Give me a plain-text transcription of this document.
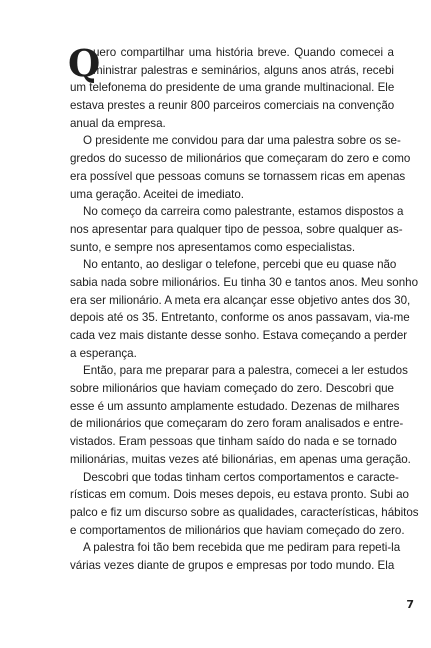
Q
uero compartilhar uma história breve. Quando comecei a
ministrar palestras e seminários, alguns anos atrás, recebi
um telefonema do presidente de uma grande multinacional. Ele
estava prestes a reunir 800 parceiros comerciais na convenção
anual da empresa.
O presidente me convidou para dar uma palestra sobre os se-
gredos do sucesso de milionários que começaram do zero e como
era possível que pessoas comuns se tornassem ricas em apenas
uma geração. Aceitei de imediato.
No começo da carreira como palestrante, estamos dispostos a
nos apresentar para qualquer tipo de pessoa, sobre qualquer as-
sunto, e sempre nos apresentamos como especialistas.
No entanto, ao desligar o telefone, percebi que eu quase não
sabia nada sobre milionários. Eu tinha 30 e tantos anos. Meu sonho
era ser milionário. A meta era alcançar esse objetivo antes dos 30,
depois até os 35. Entretanto, conforme os anos passavam, via-me
cada vez mais distante desse sonho. Estava começando a perder
a esperança.
Então, para me preparar para a palestra, comecei a ler estudos
sobre milionários que haviam começado do zero. Descobri que
esse é um assunto amplamente estudado. Dezenas de milhares
de milionários que começaram do zero foram analisados e entre-
vistados. Eram pessoas que tinham saído do nada e se tornado
milionárias, muitas vezes até bilionárias, em apenas uma geração.
Descobri que todas tinham certos comportamentos e caracte-
rísticas em comum. Dois meses depois, eu estava pronto. Subi ao
palco e fiz um discurso sobre as qualidades, características, hábitos
e comportamentos de milionários que haviam começado do zero.
A palestra foi tão bem recebida que me pediram para repeti-la
várias vezes diante de grupos e empresas por todo mundo. Ela
7
